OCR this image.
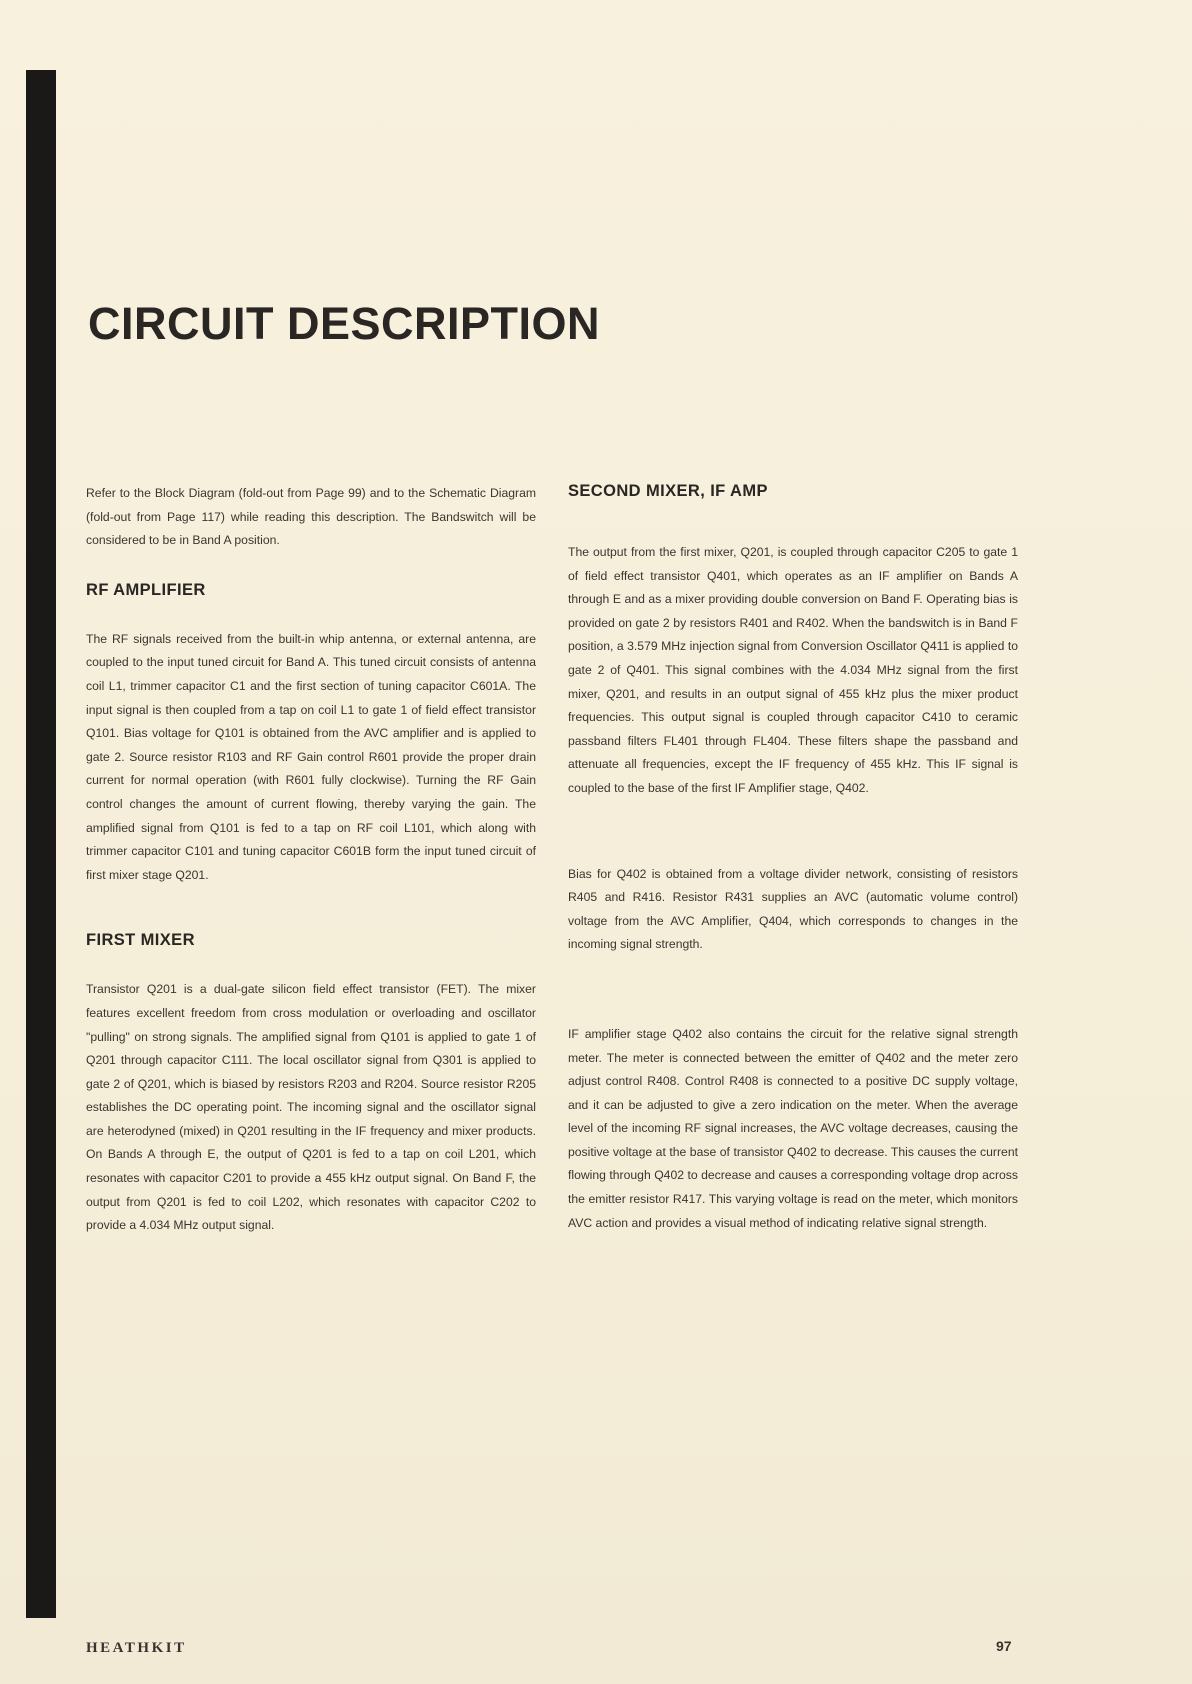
CIRCUIT DESCRIPTION

Refer to the Block Diagram (fold-out from Page 99) and to the Schematic Diagram (fold-out from Page 117) while reading this description. The Bandswitch will be considered to be in Band A position.

RF AMPLIFIER

The RF signals received from the built-in whip antenna, or external antenna, are coupled to the input tuned circuit for Band A. This tuned circuit consists of antenna coil L1, trimmer capacitor C1 and the first section of tuning capacitor C601A. The input signal is then coupled from a tap on coil L1 to gate 1 of field effect transistor Q101. Bias voltage for Q101 is obtained from the AVC amplifier and is applied to gate 2. Source resistor R103 and RF Gain control R601 provide the proper drain current for normal operation (with R601 fully clockwise). Turning the RF Gain control changes the amount of current flowing, thereby varying the gain. The amplified signal from Q101 is fed to a tap on RF coil L101, which along with trimmer capacitor C101 and tuning capacitor C601B form the input tuned circuit of first mixer stage Q201.

FIRST MIXER

Transistor Q201 is a dual-gate silicon field effect transistor (FET). The mixer features excellent freedom from cross modulation or overloading and oscillator "pulling" on strong signals. The amplified signal from Q101 is applied to gate 1 of Q201 through capacitor C111. The local oscillator signal from Q301 is applied to gate 2 of Q201, which is biased by resistors R203 and R204. Source resistor R205 establishes the DC operating point. The incoming signal and the oscillator signal are heterodyned (mixed) in Q201 resulting in the IF frequency and mixer products. On Bands A through E, the output of Q201 is fed to a tap on coil L201, which resonates with capacitor C201 to provide a 455 kHz output signal. On Band F, the output from Q201 is fed to coil L202, which resonates with capacitor C202 to provide a 4.034 MHz output signal.

SECOND MIXER, IF AMP

The output from the first mixer, Q201, is coupled through capacitor C205 to gate 1 of field effect transistor Q401, which operates as an IF amplifier on Bands A through E and as a mixer providing double conversion on Band F. Operating bias is provided on gate 2 by resistors R401 and R402. When the bandswitch is in Band F position, a 3.579 MHz injection signal from Conversion Oscillator Q411 is applied to gate 2 of Q401. This signal combines with the 4.034 MHz signal from the first mixer, Q201, and results in an output signal of 455 kHz plus the mixer product frequencies. This output signal is coupled through capacitor C410 to ceramic passband filters FL401 through FL404. These filters shape the passband and attenuate all frequencies, except the IF frequency of 455 kHz. This IF signal is coupled to the base of the first IF Amplifier stage, Q402.

Bias for Q402 is obtained from a voltage divider network, consisting of resistors R405 and R416. Resistor R431 supplies an AVC (automatic volume control) voltage from the AVC Amplifier, Q404, which corresponds to changes in the incoming signal strength.

IF amplifier stage Q402 also contains the circuit for the relative signal strength meter. The meter is connected between the emitter of Q402 and the meter zero adjust control R408. Control R408 is connected to a positive DC supply voltage, and it can be adjusted to give a zero indication on the meter. When the average level of the incoming RF signal increases, the AVC voltage decreases, causing the positive voltage at the base of transistor Q402 to decrease. This causes the current flowing through Q402 to decrease and causes a corresponding voltage drop across the emitter resistor R417. This varying voltage is read on the meter, which monitors AVC action and provides a visual method of indicating relative signal strength.

HEATHKIT	97
